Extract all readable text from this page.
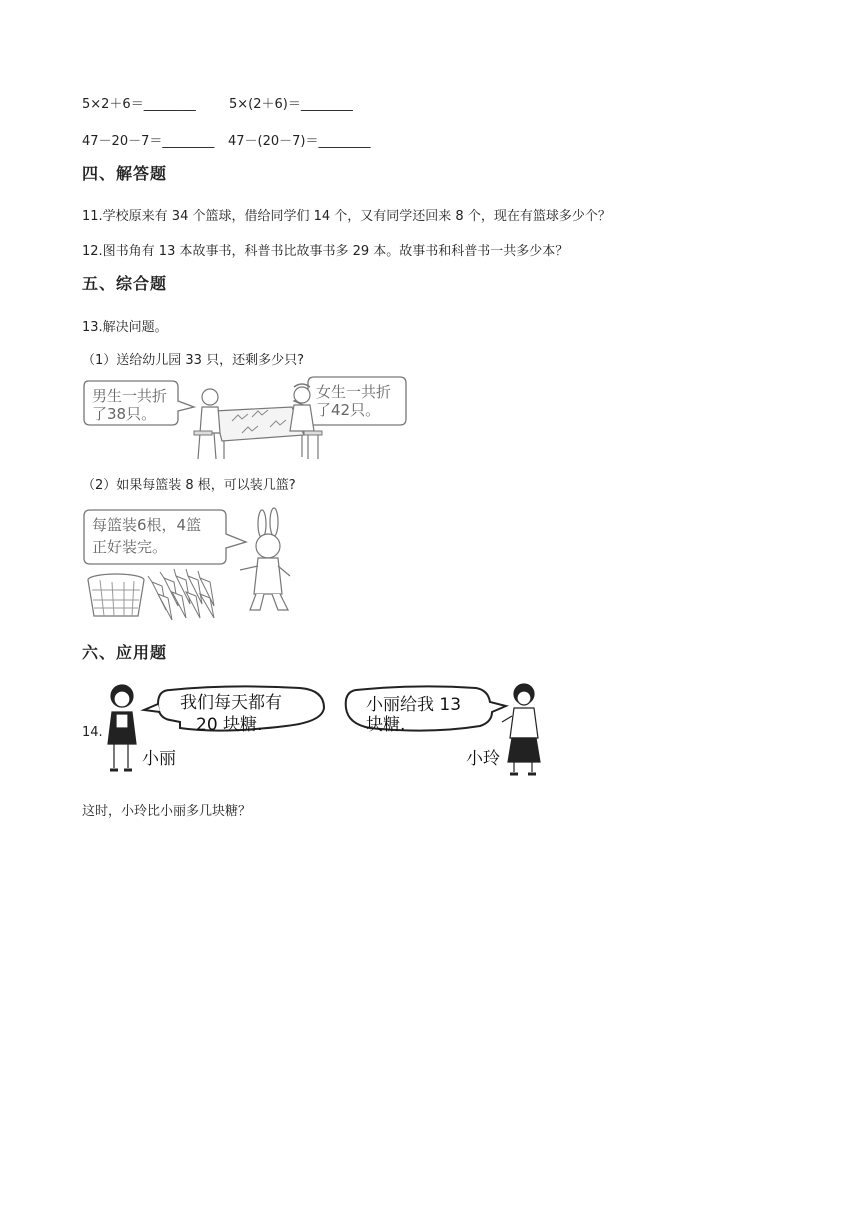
5×2＋6＝________	5×(2＋6)＝________
47－20－7＝________ 47－(20－7)＝________
四、解答题
11.学校原来有 34 个篮球，借给同学们 14 个，又有同学还回来 8 个，现在有篮球多少个？
12.图书角有 13 本故事书，科普书比故事书多 29 本。故事书和科普书一共多少本？
五、综合题
13.解决问题。
（1）送给幼儿园 33 只，还剩多少只?
男生一共折
了38只。
女生一共折
了42只。
（2）如果每篮装 8 根，可以装几篮?
每篮装6根，4篮
正好装完。
六、应用题
14.
我们每天都有
20 块糖.
小丽
小丽给我 13
块糖.
小玲
这时，小玲比小丽多几块糖？
